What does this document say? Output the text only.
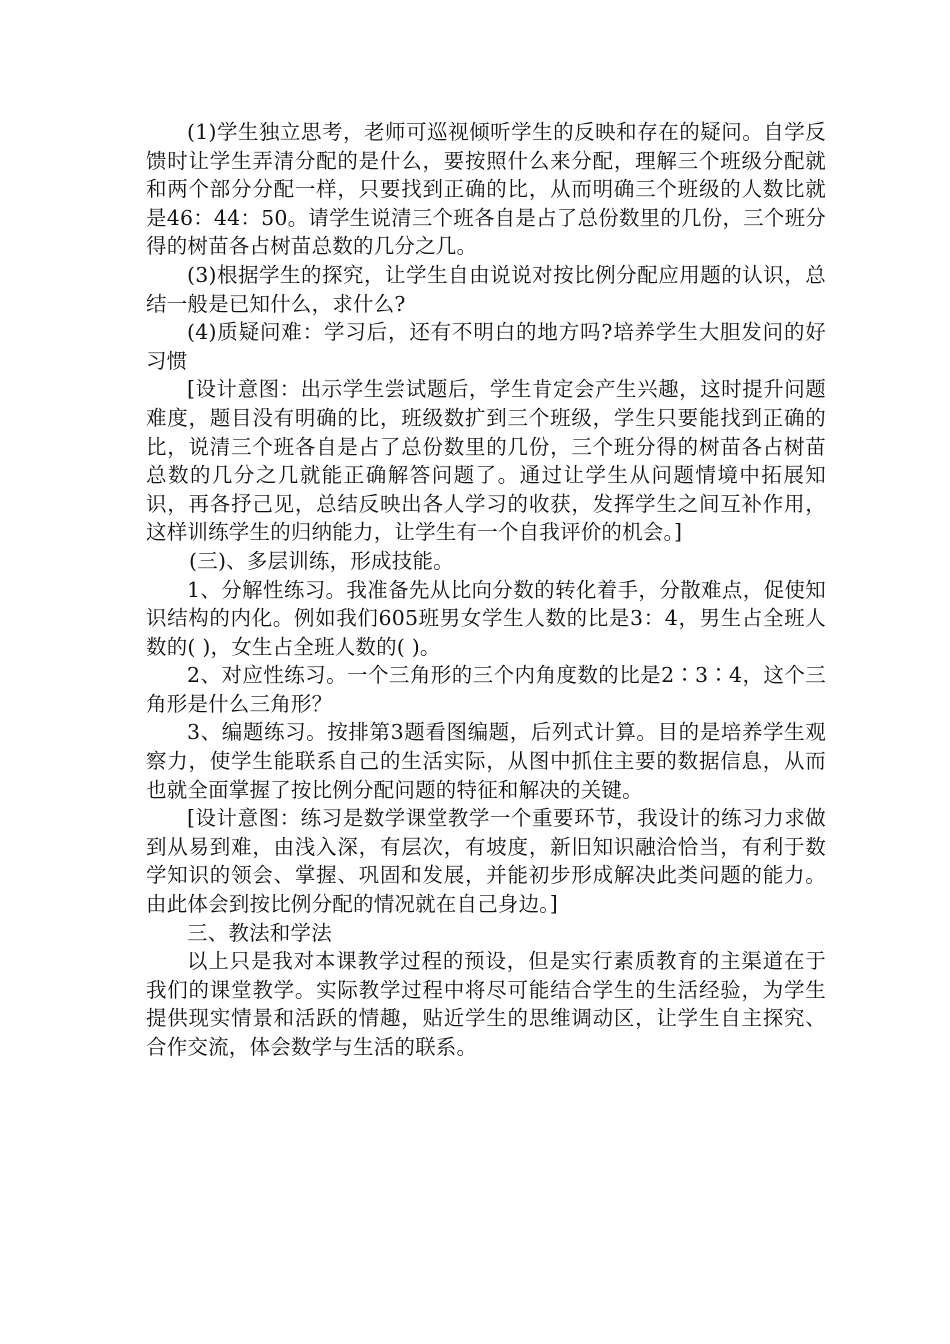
(1)学生独立思考，老师可巡视倾听学生的反映和存在的疑问。自学反馈时让学生弄清分配的是什么，要按照什么来分配，理解三个班级分配就和两个部分分配一样，只要找到正确的比，从而明确三个班级的人数比就是46：44：50。请学生说清三个班各自是占了总份数里的几份，三个班分得的树苗各占树苗总数的几分之几。

(3)根据学生的探究，让学生自由说说对按比例分配应用题的认识，总结一般是已知什么，求什么?

(4)质疑问难：学习后，还有不明白的地方吗?培养学生大胆发问的好习惯

[设计意图：出示学生尝试题后，学生肯定会产生兴趣，这时提升问题难度，题目没有明确的比，班级数扩到三个班级，学生只要能找到正确的比，说清三个班各自是占了总份数里的几份，三个班分得的树苗各占树苗总数的几分之几就能正确解答问题了。通过让学生从问题情境中拓展知识，再各抒己见，总结反映出各人学习的收获，发挥学生之间互补作用，这样训练学生的归纳能力，让学生有一个自我评价的机会。]

(三)、多层训练，形成技能。

1、分解性练习。我准备先从比向分数的转化着手，分散难点，促使知识结构的内化。例如我们605班男女学生人数的比是3：4，男生占全班人数的( )，女生占全班人数的( )。

2、对应性练习。一个三角形的三个内角度数的比是2∶3∶4，这个三角形是什么三角形？

3、编题练习。按排第3题看图编题，后列式计算。目的是培养学生观察力，使学生能联系自己的生活实际，从图中抓住主要的数据信息，从而也就全面掌握了按比例分配问题的特征和解决的关键。

[设计意图：练习是数学课堂教学一个重要环节，我设计的练习力求做到从易到难，由浅入深，有层次，有坡度，新旧知识融洽恰当，有利于数学知识的领会、掌握、巩固和发展，并能初步形成解决此类问题的能力。由此体会到按比例分配的情况就在自己身边。]

三、教法和学法

以上只是我对本课教学过程的预设，但是实行素质教育的主渠道在于我们的课堂教学。实际教学过程中将尽可能结合学生的生活经验，为学生提供现实情景和活跃的情趣，贴近学生的思维调动区，让学生自主探究、合作交流，体会数学与生活的联系。
